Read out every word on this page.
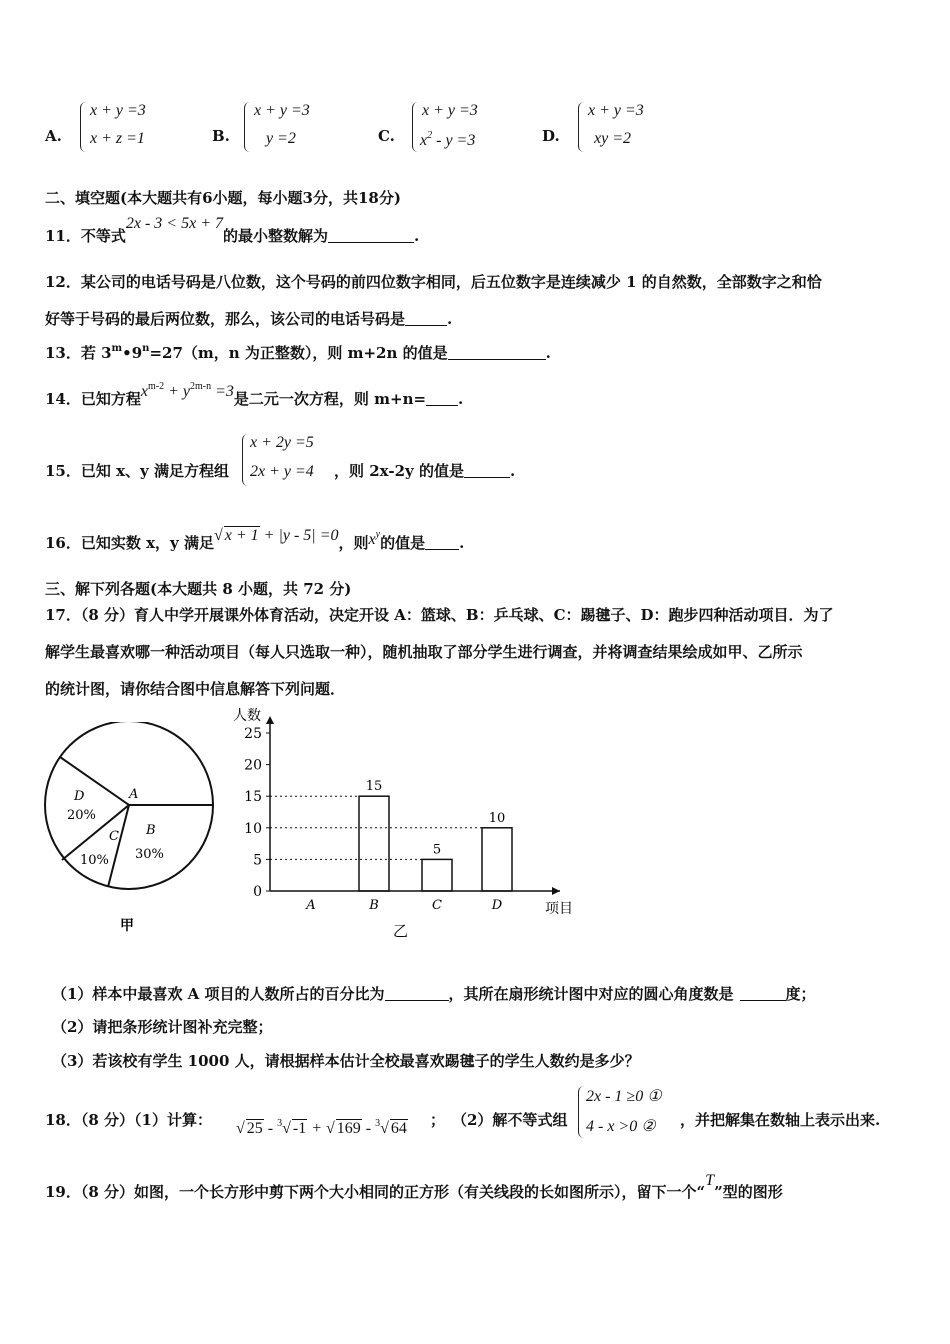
A.
x + y =3
x + z =1	B.
x + y =3
y =2	C.
x + y =3
$x^2 - y =3$	D.
x + y =3
xy =2
二、填空题(本大题共有6小题，每小题3分，共18分)
11．不等式2x - 3 < 5x + 7的最小整数解为	.
12．某公司的电话号码是八位数，这个号码的前四位数字相同，后五位数字是连续减少 1 的自然数，全部数字之和恰
好等于号码的最后两位数，那么，该公司的电话号码是	.
13．若 $3^m•9^n=27(m$，n 为正整数），则 m+2n 的值是	.
14．已知方程$x^{m-2} + y^{2m-n} =3$是二元一次方程，则 m+n= .
15．已知 x、y 满足方程组
x + 2y =5
2x + y =4 ，则 2x-2y 的值是	.
16．已知实数 x，y 满足√ x + 1 + |y - 5| =0，则$x^y$的值是 .
三、解下列各题(本大题共 8 小题，共 72 分)
17．（8 分）育人中学开展课外体育活动，决定开设 A：篮球、B：乒乓球、C：踢毽子、D：跑步四种活动项目．为了
解学生最喜欢哪一种活动项目（每人只选取一种），随机抽取了部分学生进行调查，并将调查结果绘成如甲、乙所示
的统计图，请你结合图中信息解答下列问题．
A
B
30%
C
10%
D
20%
甲
人数
项目
乙
0
5
10
15
20
25
A	B
15
C
5
D
10
（1）样本中最喜欢 A 项目的人数所占的百分比为	，其所在扇形统计图中对应的圆心角度数是	度；
（2）请把条形统计图补充完整；
（3）若该校有学生 1000 人，请根据样本估计全校最喜欢踢毽子的学生人数约是多少？
18．（8 分）（1）计算： √ 25 - $^3$√ -1 + √ 169 - $^3$√ 64 ； （2）解不等式组
2x - 1 ≥0 ①
4 - x >0 ② ，并把解集在数轴上表示出来.
19．（8 分）如图，一个长方形中剪下两个大小相同的正方形（有关线段的长如图所示），留下一个“T”型的图形
